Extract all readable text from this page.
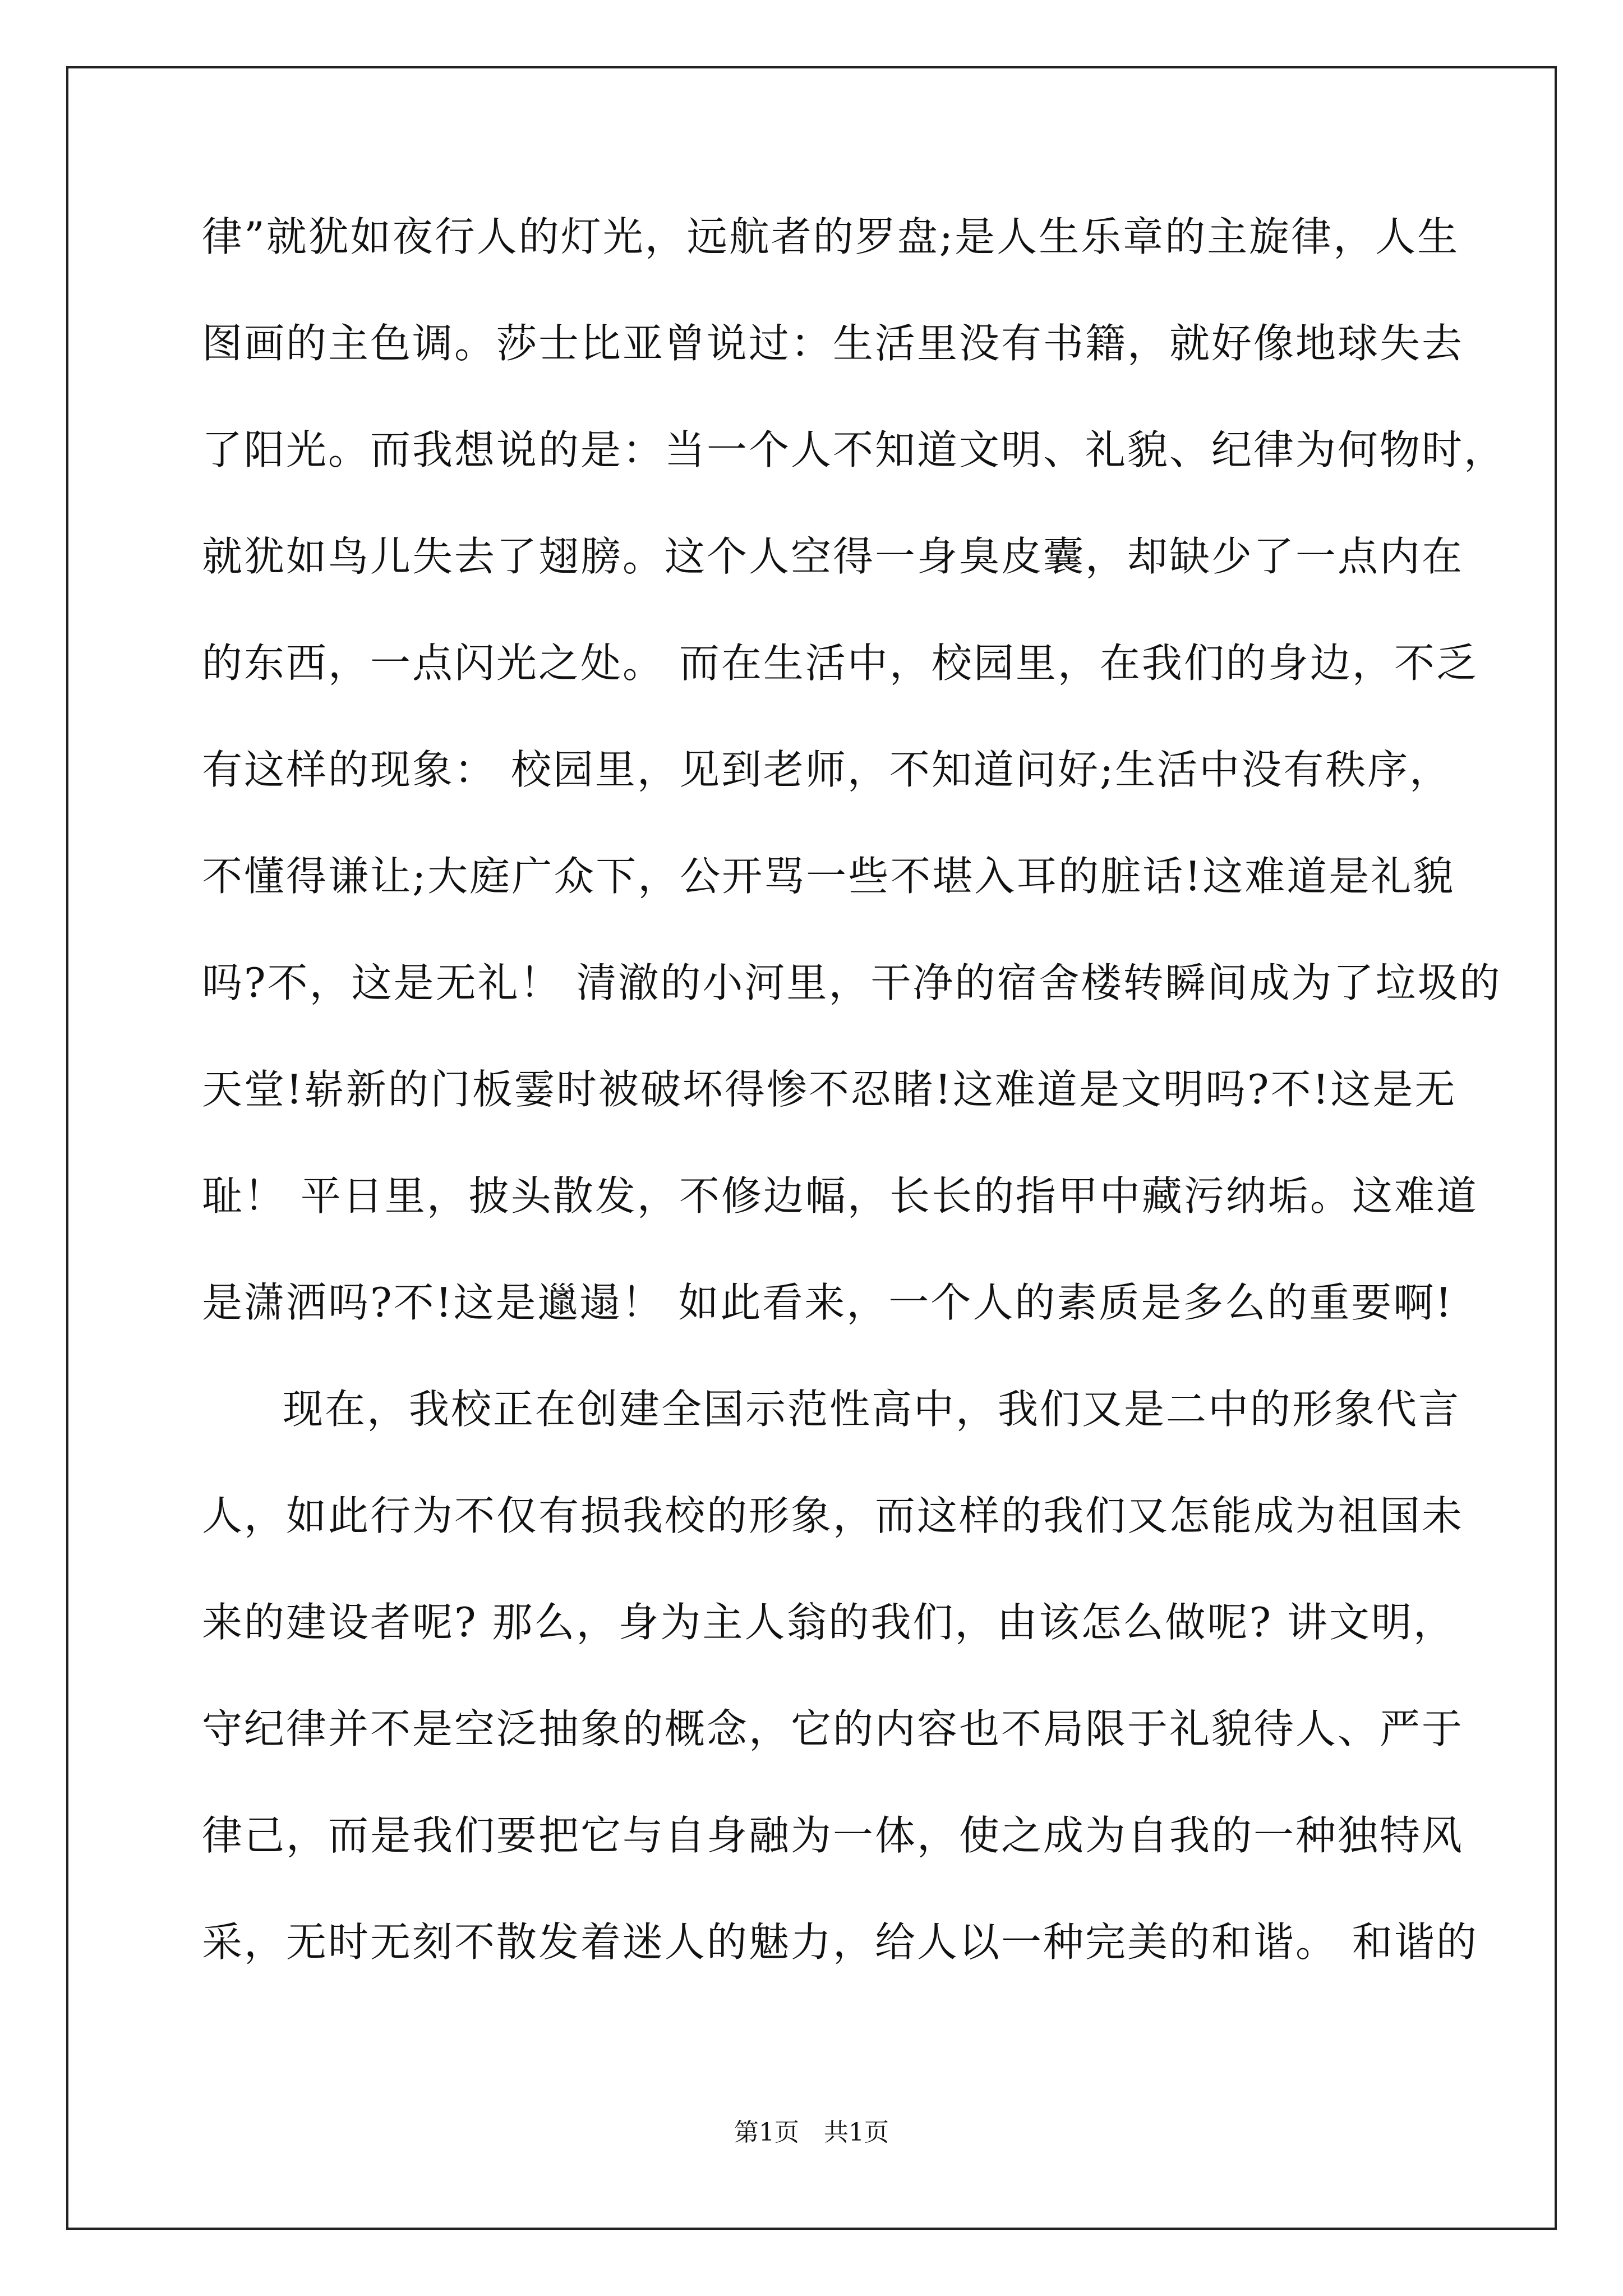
律”就犹如夜行人的灯光，远航者的罗盘;是人生乐章的主旋律，人生
图画的主色调。莎士比亚曾说过：生活里没有书籍，就好像地球失去
了阳光。而我想说的是：当一个人不知道文明、礼貌、纪律为何物时，
就犹如鸟儿失去了翅膀。这个人空得一身臭皮囊，却缺少了一点内在
的东西，一点闪光之处。 而在生活中，校园里，在我们的身边，不乏
有这样的现象： 校园里，见到老师，不知道问好;生活中没有秩序，
不懂得谦让;大庭广众下，公开骂一些不堪入耳的脏话!这难道是礼貌
吗?不，这是无礼！ 清澈的小河里，干净的宿舍楼转瞬间成为了垃圾的
天堂!崭新的门板霎时被破坏得惨不忍睹!这难道是文明吗?不!这是无
耻！ 平日里，披头散发，不修边幅，长长的指甲中藏污纳垢。这难道
是潇洒吗?不!这是邋遢！ 如此看来，一个人的素质是多么的重要啊!
现在，我校正在创建全国示范性高中，我们又是二中的形象代言
人，如此行为不仅有损我校的形象，而这样的我们又怎能成为祖国未
来的建设者呢? 那么，身为主人翁的我们，由该怎么做呢? 讲文明，
守纪律并不是空泛抽象的概念，它的内容也不局限于礼貌待人、严于
律己，而是我们要把它与自身融为一体，使之成为自我的一种独特风
采，无时无刻不散发着迷人的魅力，给人以一种完美的和谐。 和谐的
第1页　共1页
